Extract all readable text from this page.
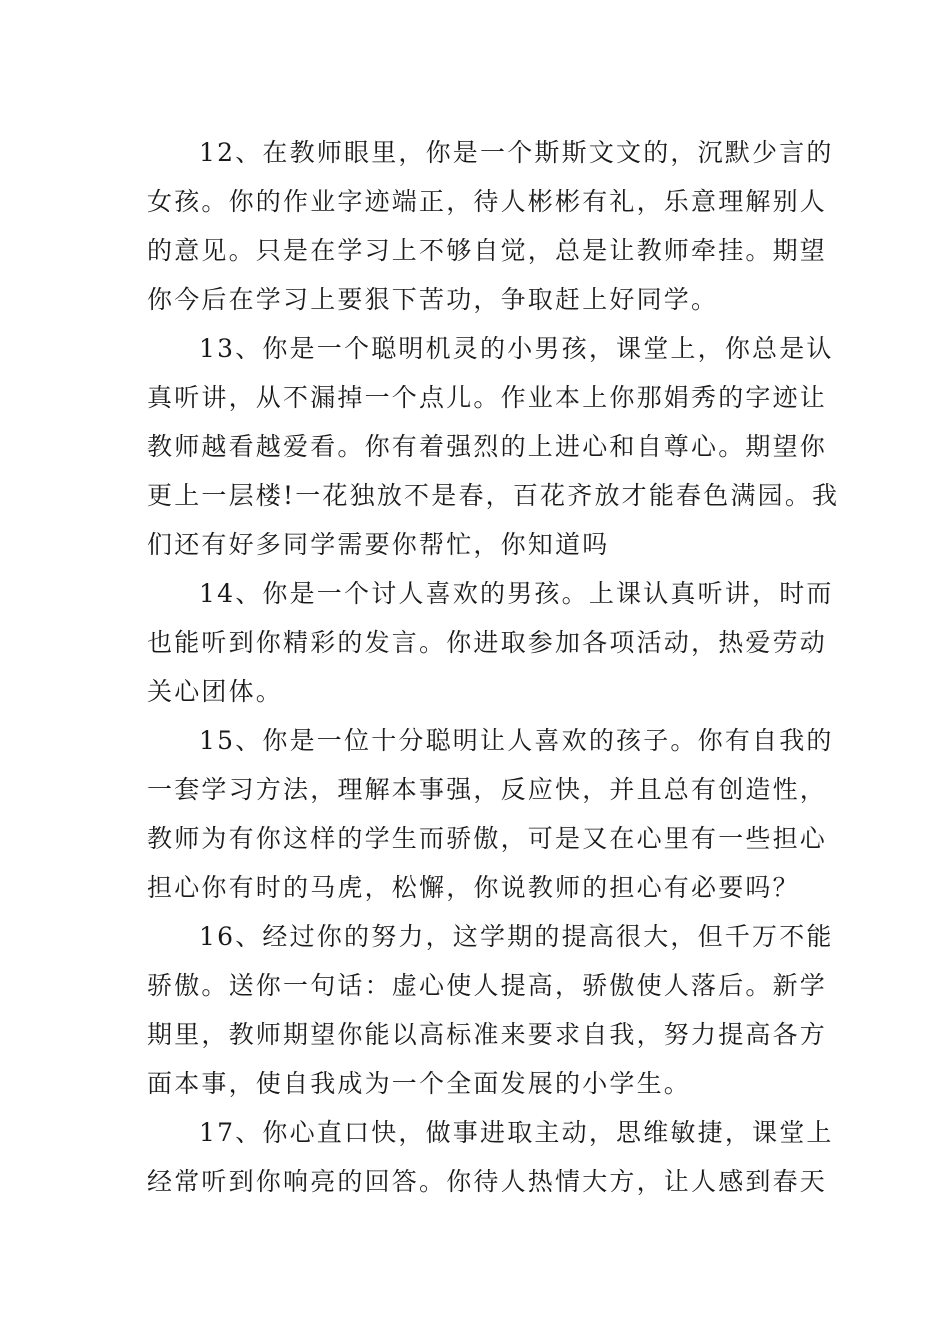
12、在教师眼里，你是一个斯斯文文的，沉默少言的
女孩。你的作业字迹端正，待人彬彬有礼，乐意理解别人
的意见。只是在学习上不够自觉，总是让教师牵挂。期望
你今后在学习上要狠下苦功，争取赶上好同学。
13、你是一个聪明机灵的小男孩，课堂上，你总是认
真听讲，从不漏掉一个点儿。作业本上你那娟秀的字迹让
教师越看越爱看。你有着强烈的上进心和自尊心。期望你
更上一层楼!一花独放不是春，百花齐放才能春色满园。我
们还有好多同学需要你帮忙，你知道吗
14、你是一个讨人喜欢的男孩。上课认真听讲，时而
也能听到你精彩的发言。你进取参加各项活动，热爱劳动
关心团体。
15、你是一位十分聪明让人喜欢的孩子。你有自我的
一套学习方法，理解本事强，反应快，并且总有创造性，
教师为有你这样的学生而骄傲，可是又在心里有一些担心
担心你有时的马虎，松懈，你说教师的担心有必要吗？
16、经过你的努力，这学期的提高很大，但千万不能
骄傲。送你一句话：虚心使人提高，骄傲使人落后。新学
期里，教师期望你能以高标准来要求自我，努力提高各方
面本事，使自我成为一个全面发展的小学生。
17、你心直口快，做事进取主动，思维敏捷，课堂上
经常听到你响亮的回答。你待人热情大方，让人感到春天
